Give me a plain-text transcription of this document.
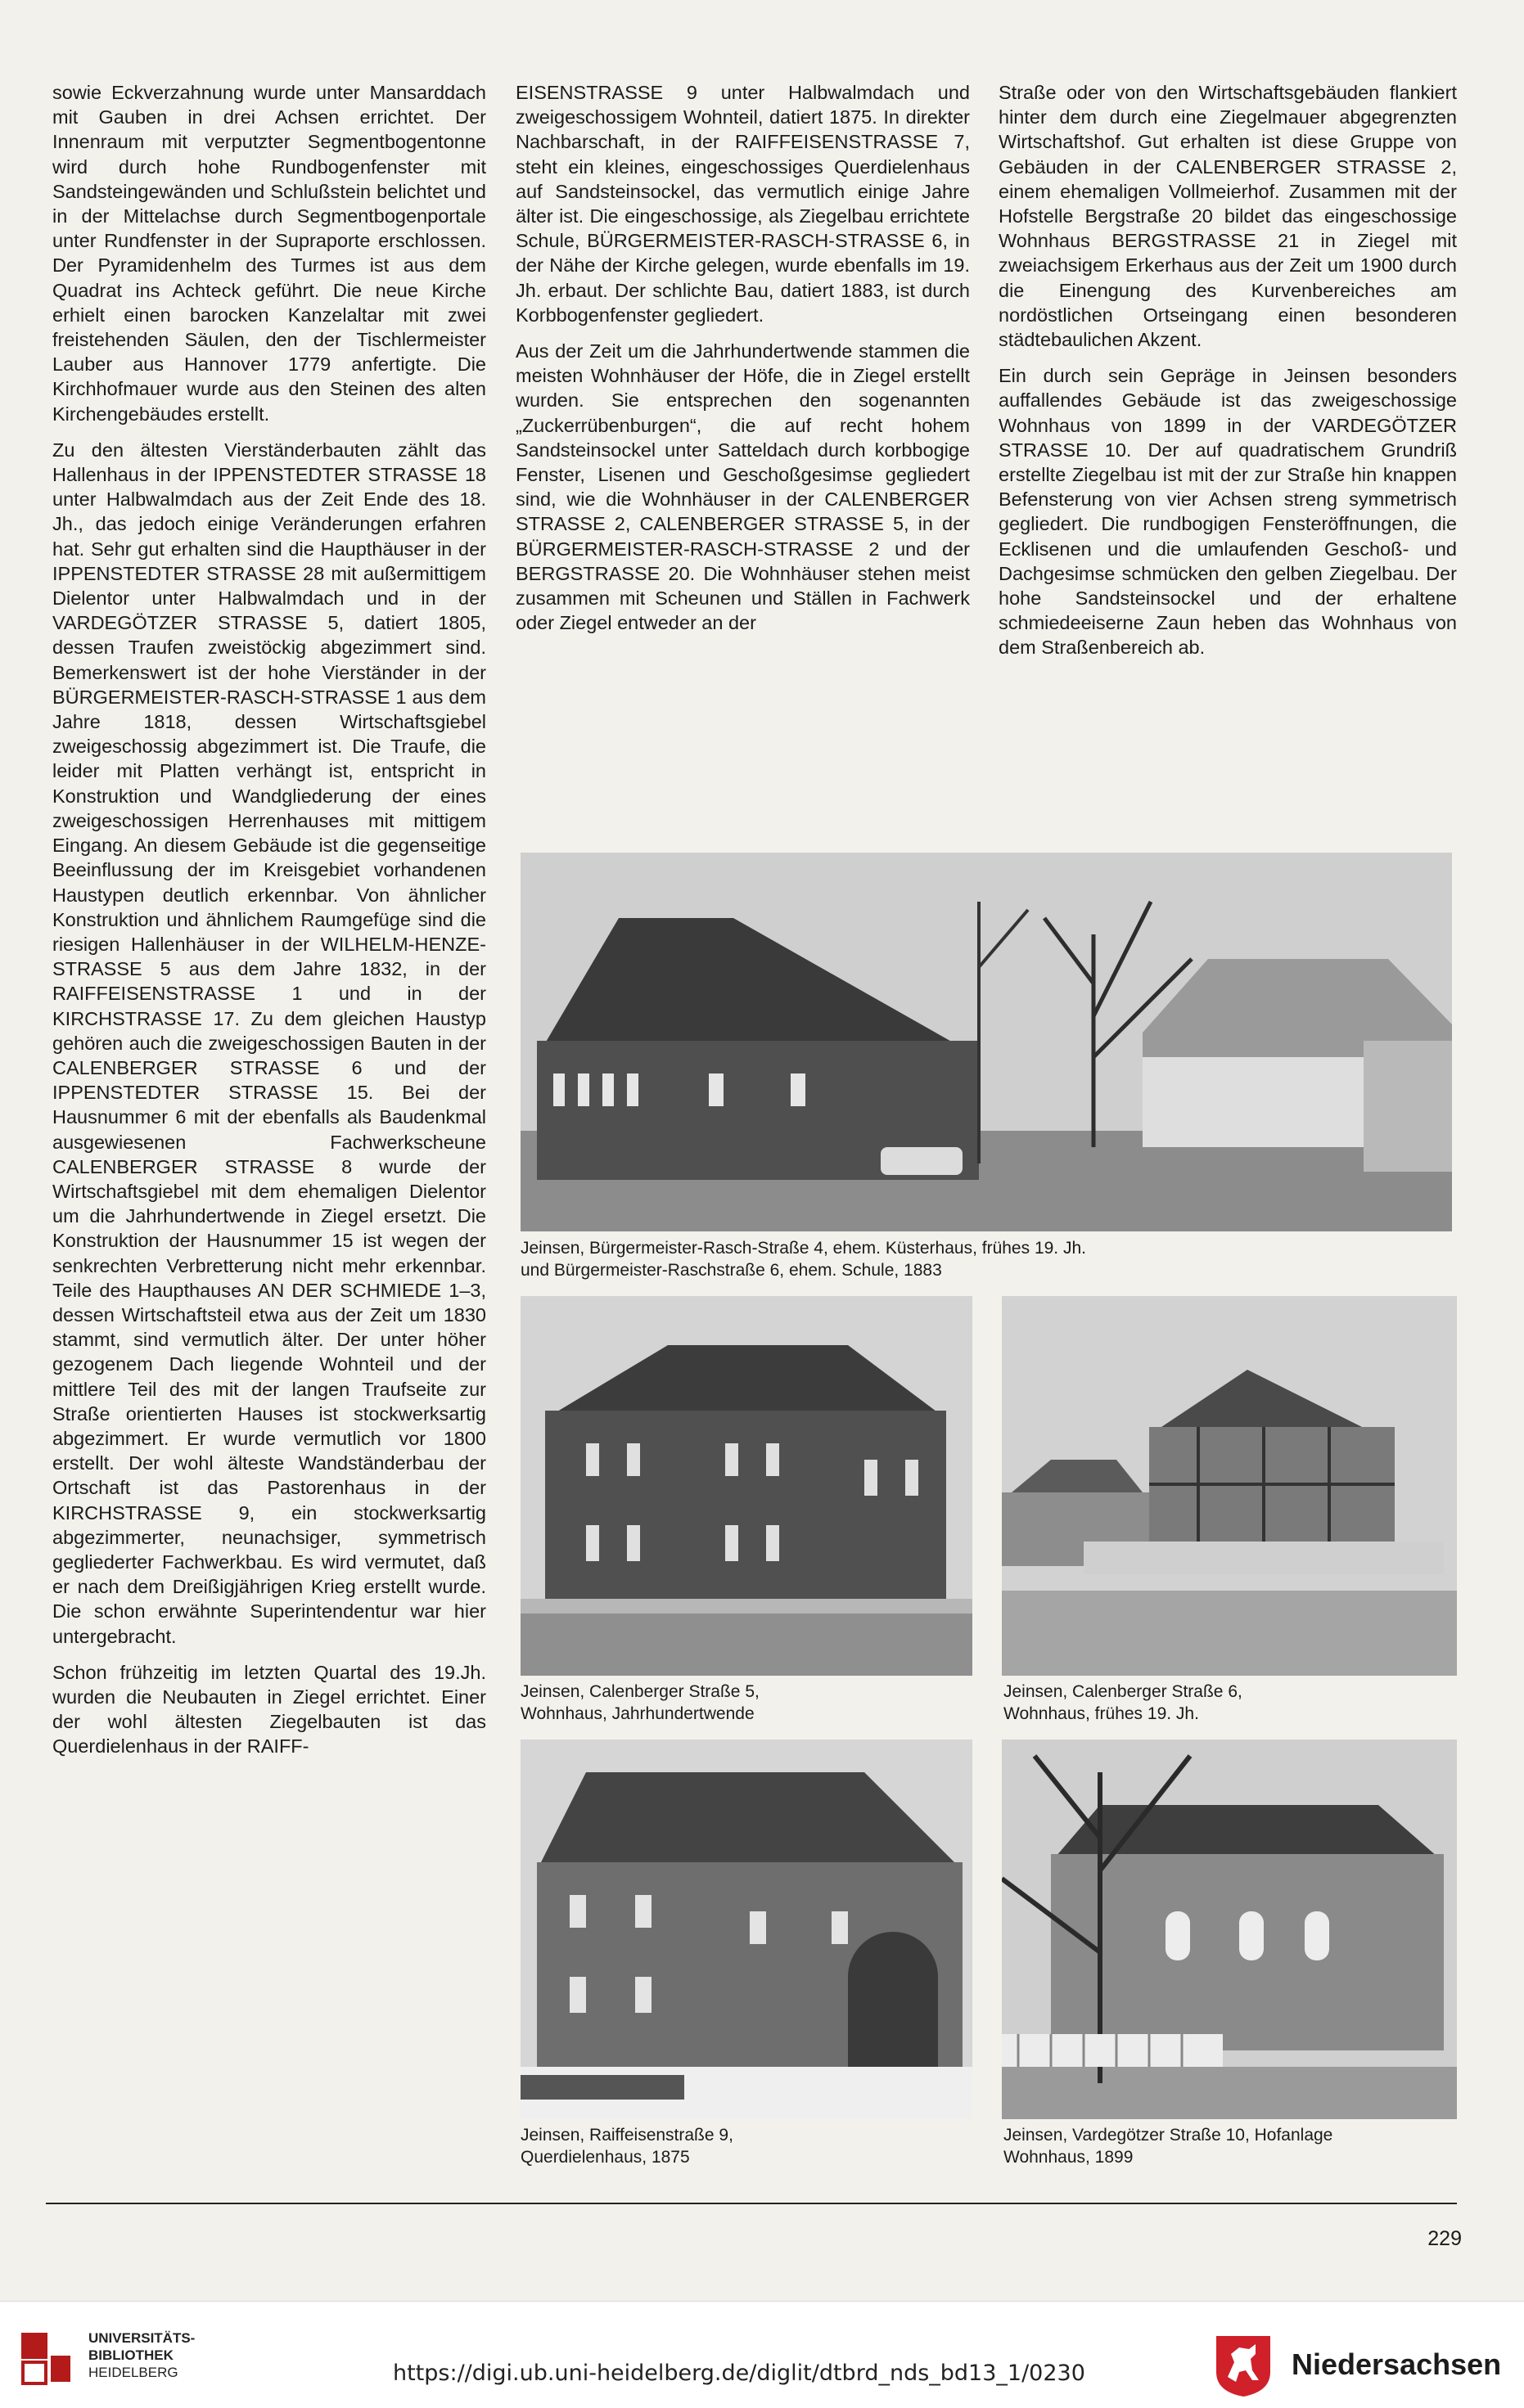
sowie Eckverzahnung wurde unter Mansarddach mit Gauben in drei Achsen errichtet. Der Innenraum mit verputzter Segmentbogentonne wird durch hohe Rundbogenfenster mit Sandsteingewänden und Schlußstein belichtet und in der Mittelachse durch Segmentbogenportale unter Rundfenster in der Supraporte erschlossen. Der Pyramidenhelm des Turmes ist aus dem Quadrat ins Achteck geführt. Die neue Kirche erhielt einen barocken Kanzelaltar mit zwei freistehenden Säulen, den der Tischlermeister Lauber aus Hannover 1779 anfertigte. Die Kirchhofmauer wurde aus den Steinen des alten Kirchengebäudes erstellt.

Zu den ältesten Vierständerbauten zählt das Hallenhaus in der IPPENSTEDTER STRASSE 18 unter Halbwalmdach aus der Zeit Ende des 18. Jh., das jedoch einige Veränderungen erfahren hat. Sehr gut erhalten sind die Haupthäuser in der IPPENSTEDTER STRASSE 28 mit außermittigem Dielentor unter Halbwalmdach und in der VARDEGÖTZER STRASSE 5, datiert 1805, dessen Traufen zweistöckig abgezimmert sind. Bemerkenswert ist der hohe Vierständer in der BÜRGERMEISTER-RASCH-STRASSE 1 aus dem Jahre 1818, dessen Wirtschaftsgiebel zweigeschossig abgezimmert ist. Die Traufe, die leider mit Platten verhängt ist, entspricht in Konstruktion und Wandgliederung der eines zweigeschossigen Herrenhauses mit mittigem Eingang. An diesem Gebäude ist die gegenseitige Beeinflussung der im Kreisgebiet vorhandenen Haustypen deutlich erkennbar. Von ähnlicher Konstruktion und ähnlichem Raumgefüge sind die riesigen Hallenhäuser in der WILHELM-HENZE-STRASSE 5 aus dem Jahre 1832, in der RAIFFEISENSTRASSE 1 und in der KIRCHSTRASSE 17. Zu dem gleichen Haustyp gehören auch die zweigeschossigen Bauten in der CALENBERGER STRASSE 6 und der IPPENSTEDTER STRASSE 15. Bei der Hausnummer 6 mit der ebenfalls als Baudenkmal ausgewiesenen Fachwerkscheune CALENBERGER STRASSE 8 wurde der Wirtschaftsgiebel mit dem ehemaligen Dielentor um die Jahrhundertwende in Ziegel ersetzt. Die Konstruktion der Hausnummer 15 ist wegen der senkrechten Verbretterung nicht mehr erkennbar. Teile des Haupthauses AN DER SCHMIEDE 1–3, dessen Wirtschaftsteil etwa aus der Zeit um 1830 stammt, sind vermutlich älter. Der unter höher gezogenem Dach liegende Wohnteil und der mittlere Teil des mit der langen Traufseite zur Straße orientierten Hauses ist stockwerksartig abgezimmert. Er wurde vermutlich vor 1800 erstellt. Der wohl älteste Wandständerbau der Ortschaft ist das Pastorenhaus in der KIRCHSTRASSE 9, ein stockwerksartig abgezimmerter, neunachsiger, symmetrisch gegliederter Fachwerkbau. Es wird vermutet, daß er nach dem Dreißigjährigen Krieg erstellt wurde. Die schon erwähnte Superintendentur war hier untergebracht.

Schon frühzeitig im letzten Quartal des 19.Jh. wurden die Neubauten in Ziegel errichtet. Einer der wohl ältesten Ziegelbauten ist das Querdielenhaus in der RAIFF-

EISENSTRASSE 9 unter Halbwalmdach und zweigeschossigem Wohnteil, datiert 1875. In direkter Nachbarschaft, in der RAIFFEISENSTRASSE 7, steht ein kleines, eingeschossiges Querdielenhaus auf Sandsteinsockel, das vermutlich einige Jahre älter ist. Die eingeschossige, als Ziegelbau errichtete Schule, BÜRGERMEISTER-RASCH-STRASSE 6, in der Nähe der Kirche gelegen, wurde ebenfalls im 19. Jh. erbaut. Der schlichte Bau, datiert 1883, ist durch Korbbogenfenster gegliedert.

Aus der Zeit um die Jahrhundertwende stammen die meisten Wohnhäuser der Höfe, die in Ziegel erstellt wurden. Sie entsprechen den sogenannten „Zuckerrübenburgen“, die auf recht hohem Sandsteinsockel unter Satteldach durch korbbogige Fenster, Lisenen und Geschoßgesimse gegliedert sind, wie die Wohnhäuser in der CALENBERGER STRASSE 2, CALENBERGER STRASSE 5, in der BÜRGERMEISTER-RASCH-STRASSE 2 und der BERGSTRASSE 20. Die Wohnhäuser stehen meist zusammen mit Scheunen und Ställen in Fachwerk oder Ziegel entweder an der

Straße oder von den Wirtschaftsgebäuden flankiert hinter dem durch eine Ziegelmauer abgegrenzten Wirtschaftshof. Gut erhalten ist diese Gruppe von Gebäuden in der CALENBERGER STRASSE 2, einem ehemaligen Vollmeierhof. Zusammen mit der Hofstelle Bergstraße 20 bildet das eingeschossige Wohnhaus BERGSTRASSE 21 in Ziegel mit zweiachsigem Erkerhaus aus der Zeit um 1900 durch die Einengung des Kurvenbereiches am nordöstlichen Ortseingang einen besonderen städtebaulichen Akzent.

Ein durch sein Gepräge in Jeinsen besonders auffallendes Gebäude ist das zweigeschossige Wohnhaus von 1899 in der VARDEGÖTZER STRASSE 10. Der auf quadratischem Grundriß erstellte Ziegelbau ist mit der zur Straße hin knappen Befensterung von vier Achsen streng symmetrisch gegliedert. Die rundbogigen Fensteröffnungen, die Ecklisenen und die umlaufenden Geschoß- und Dachgesimse schmücken den gelben Ziegelbau. Der hohe Sandsteinsockel und der erhaltene schmiedeeiserne Zaun heben das Wohnhaus von dem Straßenbereich ab.

Jeinsen, Bürgermeister-Rasch-Straße 4, ehem. Küsterhaus, frühes 19. Jh.
und Bürgermeister-Raschstraße 6, ehem. Schule, 1883
Jeinsen, Calenberger Straße 5,
Wohnhaus, Jahrhundertwende
Jeinsen, Calenberger Straße 6,
Wohnhaus, frühes 19. Jh.
Jeinsen, Raiffeisenstraße 9,
Querdielenhaus, 1875
Jeinsen, Vardegötzer Straße 10, Hofanlage
Wohnhaus, 1899
229
UNIVERSITÄTS-
BIBLIOTHEK
HEIDELBERG	https://digi.ub.uni-heidelberg.de/diglit/dtbrd_nds_bd13_1/0230	Niedersachsen
